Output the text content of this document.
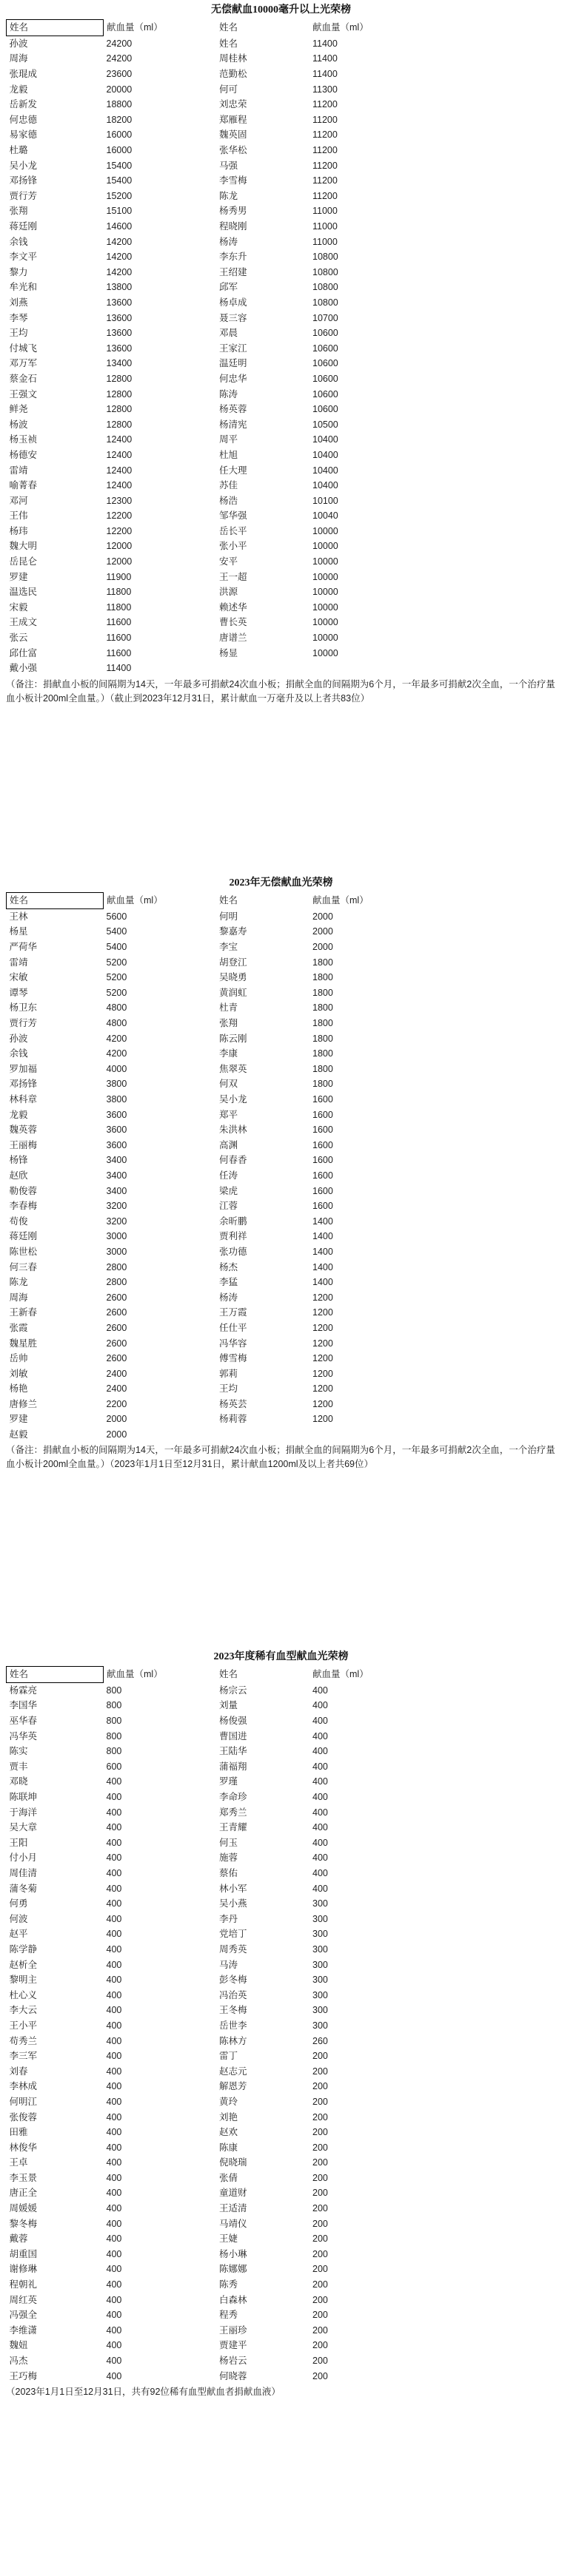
无偿献血10000毫升以上光荣榜
姓名	献血量（ml）	姓名	献血量（ml）
孙波	24200	姓名	11400
周海	24200	周桂林	11400
张琨成	23600	范勤松	11400
龙毅	20000	何可	11300
岳新发	18800	刘忠荣	11200
何忠德	18200	郑雁程	11200
易家德	16000	魏英固	11200
杜璐	16000	张华松	11200
吴小龙	15400	马强	11200
邓扬锋	15400	李雪梅	11200
贾行芳	15200	陈龙	11200
张翔	15100	杨秀男	11000
蒋廷刚	14600	程晓刚	11000
余钱	14200	杨涛	11000
李文平	14200	李东升	10800
黎力	14200	王绍建	10800
牟光和	13800	邱军	10800
刘燕	13600	杨卓成	10800
李琴	13600	聂三容	10700
王均	13600	邓晨	10600
付城飞	13600	王家江	10600
邓万军	13400	温廷明	10600
蔡金石	12800	何忠华	10600
王强文	12800	陈涛	10600
鲜尧	12800	杨英蓉	10600
杨波	12800	杨清宪	10500
杨玉祯	12400	周平	10400
杨德安	12400	杜旭	10400
雷靖	12400	任大理	10400
喻菁春	12400	苏佳	10400
邓河	12300	杨浩	10100
王伟	12200	邹华强	10040
杨玮	12200	岳长平	10000
魏大明	12000	张小平	10000
岳昆仑	12000	安平	10000
罗建	11900	王一超	10000
温选民	11800	洪源	10000
宋毅	11800	赖述华	10000
王成文	11600	曹长英	10000
张云	11600	唐谱兰	10000
邱仕富	11600	杨显	10000
戴小强	11400		
（备注：捐献血小板的间隔期为14天，一年最多可捐献24次血小板；捐献全血的间隔期为6个月，一年最多可捐献2次全血，一个治疗量血小板计200ml全血量。）（截止到2023年12月31日，累计献血一万毫升及以上者共83位）
2023年无偿献血光荣榜
姓名	献血量（ml）	姓名	献血量（ml）
王林	5600	何明	2000
杨星	5400	黎嘉寿	2000
严荷华	5400	李宝	2000
雷靖	5200	胡登江	1800
宋敏	5200	吴晓勇	1800
谭琴	5200	黄润虹	1800
杨卫东	4800	杜青	1800
贾行芳	4800	张翔	1800
孙波	4200	陈云刚	1800
余钱	4200	李康	1800
罗加福	4000	焦翠英	1800
邓扬锋	3800	何双	1800
林科章	3800	吴小龙	1600
龙毅	3600	郑平	1600
魏英蓉	3600	朱洪林	1600
王丽梅	3600	高渊	1600
杨锋	3400	何春香	1600
赵欣	3400	任涛	1600
勒俊蓉	3400	梁虎	1600
李春梅	3200	江蓉	1600
苟俊	3200	余昕鹏	1400
蒋廷刚	3000	贾利祥	1400
陈世松	3000	张功德	1400
何三春	2800	杨杰	1400
陈龙	2800	李猛	1400
周海	2600	杨涛	1200
王新春	2600	王万霞	1200
张霞	2600	任仕平	1200
魏星胜	2600	冯华容	1200
岳帅	2600	傅雪梅	1200
刘敏	2400	郭莉	1200
杨艳	2400	王均	1200
唐修兰	2200	杨英芸	1200
罗建	2000	杨莉蓉	1200
赵毅	2000		
（备注：捐献血小板的间隔期为14天，一年最多可捐献24次血小板；捐献全血的间隔期为6个月，一年最多可捐献2次全血，一个治疗量血小板计200ml全血量。）（2023年1月1日至12月31日，累计献血1200ml及以上者共69位）
2023年度稀有血型献血光荣榜
姓名	献血量（ml）	姓名	献血量（ml）
杨霖亮	800	杨宗云	400
李国华	800	刘量	400
巫华春	800	杨俊强	400
冯华英	800	曹国进	400
陈实	800	王陆华	400
贾丰	600	蒲福翔	400
邓晓	400	罗瑾	400
陈联坤	400	李命珍	400
于海洋	400	郑秀兰	400
吴大章	400	王青耀	400
王阳	400	何玉	400
付小月	400	施蓉	400
周佳清	400	蔡佑	400
蒲冬菊	400	林小军	400
何勇	400	吴小燕	300
何波	400	李丹	300
赵平	400	党培丁	300
陈学静	400	周秀英	300
赵析全	400	马涛	300
黎明主	400	彭冬梅	300
杜心义	400	冯治英	300
李大云	400	王冬梅	300
王小平	400	岳世李	300
苟秀兰	400	陈林方	260
李三军	400	雷丁	200
刘春	400	赵志元	200
李林成	400	解恩芳	200
何明江	400	黄玲	200
张俊蓉	400	刘艳	200
田雅	400	赵欢	200
林俊华	400	陈康	200
王卓	400	倪晓瑞	200
李玉景	400	张倩	200
唐正全	400	童道财	200
周媛媛	400	王适清	200
黎冬梅	400	马靖仪	200
戴蓉	400	王婕	200
胡重国	400	杨小琳	200
谢修琳	400	陈娜娜	200
程朝礼	400	陈秀	200
周红英	400	白森林	200
冯强全	400	程秀	200
李维潇	400	王丽珍	200
魏妞	400	贾建平	200
冯杰	400	杨岩云	200
王巧梅	400	何晓蓉	200
（2023年1月1日至12月31日，共有92位稀有血型献血者捐献血液）
